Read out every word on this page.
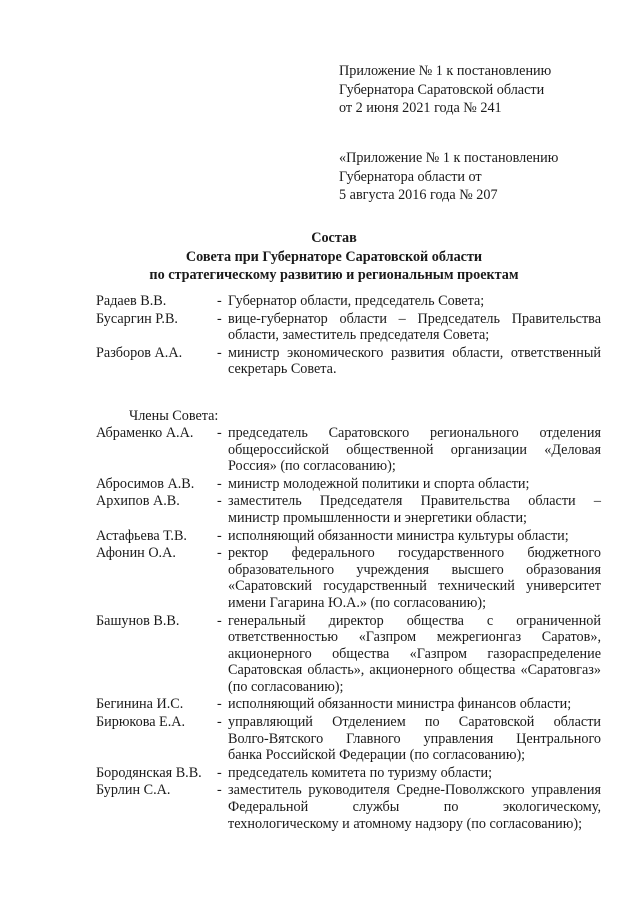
Приложение № 1 к постановлению
Губернатора Саратовской области
от 2 июня 2021 года № 241
«Приложение № 1 к постановлению
Губернатора области от
5 августа 2016 года № 207
Состав
Совета при Губернаторе Саратовской области
по стратегическому развитию и региональным проектам
Радаев В.В.	- Губернатор области, председатель Совета;
Бусаргин Р.В.	- вице-губернатор области – Председатель Правительства
области, заместитель председателя Совета;
Разборов А.А.	- министр экономического развития области, ответственный
секретарь Совета.
Члены Совета:
Абраменко А.А.	- председатель Саратовского регионального отделения
общероссийской общественной организации «Деловая
Россия» (по согласованию);
Абросимов А.В.	- министр молодежной политики и спорта области;
Архипов А.В.	- заместитель Председателя Правительства области –
министр промышленности и энергетики области;
Астафьева Т.В.	- исполняющий обязанности министра культуры области;
Афонин О.А.	- ректор федерального государственного бюджетного
образовательного учреждения высшего образования
«Саратовский государственный технический университет
имени Гагарина Ю.А.» (по согласованию);
Башунов В.В.	- генеральный директор общества с ограниченной
ответственностью «Газпром межрегионгаз Саратов»,
акционерного общества «Газпром газораспределение
Саратовская область», акционерного общества «Саратовгаз»
(по согласованию);
Бегинина И.С.	- исполняющий обязанности министра финансов области;
Бирюкова Е.А.	- управляющий Отделением по Саратовской области
Волго-Вятского Главного управления Центрального
банка Российской Федерации (по согласованию);
Бородянская В.В.	- председатель комитета по туризму области;
Бурлин С.А.	- заместитель руководителя Средне-Поволжского управления
Федеральной службы по экологическому,
технологическому и атомному надзору (по согласованию);
